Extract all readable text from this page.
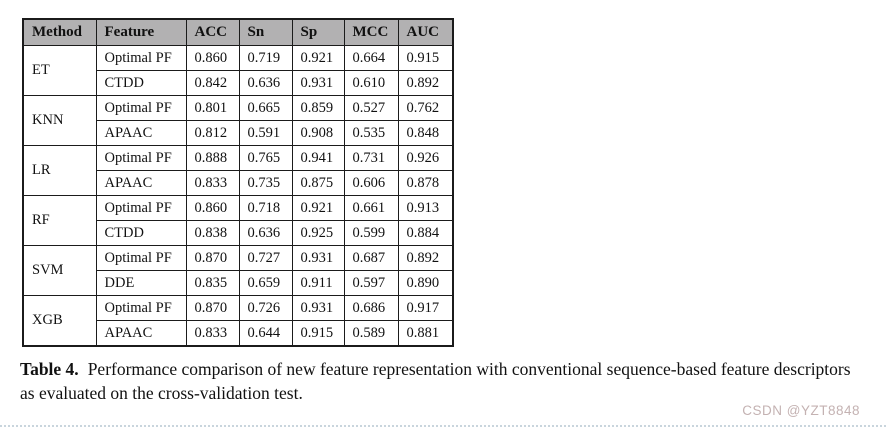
Method	Feature	ACC	Sn	Sp	MCC	AUC
ET	Optimal PF	0.860	0.719	0.921	0.664	0.915
	CTDD	0.842	0.636	0.931	0.610	0.892
KNN	Optimal PF	0.801	0.665	0.859	0.527	0.762
	APAAC	0.812	0.591	0.908	0.535	0.848
LR	Optimal PF	0.888	0.765	0.941	0.731	0.926
	APAAC	0.833	0.735	0.875	0.606	0.878
RF	Optimal PF	0.860	0.718	0.921	0.661	0.913
	CTDD	0.838	0.636	0.925	0.599	0.884
SVM	Optimal PF	0.870	0.727	0.931	0.687	0.892
	DDE	0.835	0.659	0.911	0.597	0.890
XGB	Optimal PF	0.870	0.726	0.931	0.686	0.917
	APAAC	0.833	0.644	0.915	0.589	0.881

Table 4. Performance comparison of new feature representation with conventional sequence-based feature descriptors as evaluated on the cross-validation test.

CSDN @YZT8848
